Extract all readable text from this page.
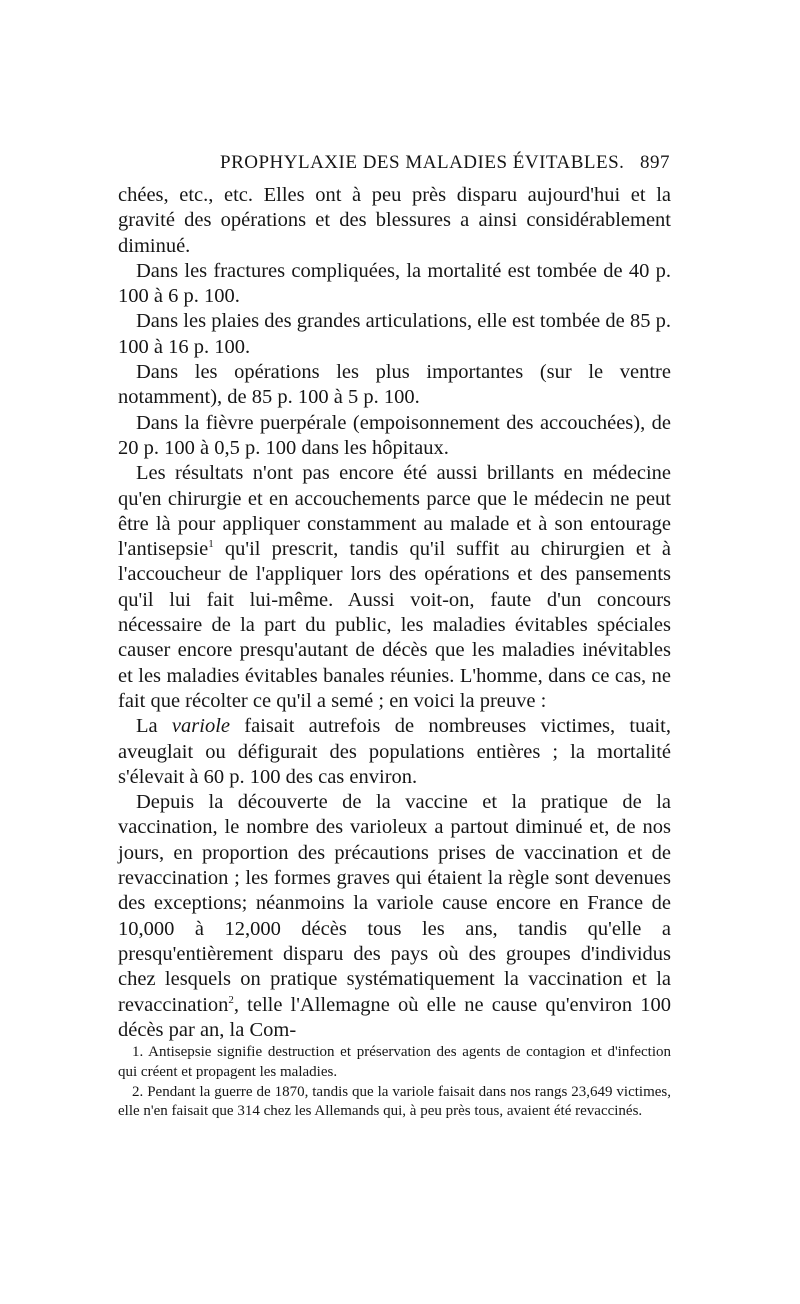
PROPHYLAXIE DES MALADIES ÉVITABLES. 897

chées, etc., etc. Elles ont à peu près disparu aujourd'hui et la gravité des opérations et des blessures a ainsi considérablement diminué.

Dans les fractures compliquées, la mortalité est tombée de 40 p. 100 à 6 p. 100.

Dans les plaies des grandes articulations, elle est tombée de 85 p. 100 à 16 p. 100.

Dans les opérations les plus importantes (sur le ventre notamment), de 85 p. 100 à 5 p. 100.

Dans la fièvre puerpérale (empoisonnement des accouchées), de 20 p. 100 à 0,5 p. 100 dans les hôpitaux.

Les résultats n'ont pas encore été aussi brillants en médecine qu'en chirurgie et en accouchements parce que le médecin ne peut être là pour appliquer constamment au malade et à son entourage l'antisepsie$^1$ qu'il prescrit, tandis qu'il suffit au chirurgien et à l'accoucheur de l'appliquer lors des opérations et des pansements qu'il lui fait lui-même. Aussi voit-on, faute d'un concours nécessaire de la part du public, les maladies évitables spéciales causer encore presqu'autant de décès que les maladies inévitables et les maladies évitables banales réunies. L'homme, dans ce cas, ne fait que récolter ce qu'il a semé ; en voici la preuve :

La variole faisait autrefois de nombreuses victimes, tuait, aveuglait ou défigurait des populations entières ; la mortalité s'élevait à 60 p. 100 des cas environ.

Depuis la découverte de la vaccine et la pratique de la vaccination, le nombre des varioleux a partout diminué et, de nos jours, en proportion des précautions prises de vaccination et de revaccination ; les formes graves qui étaient la règle sont devenues des exceptions; néanmoins la variole cause encore en France de 10,000 à 12,000 décès tous les ans, tandis qu'elle a presqu'entièrement disparu des pays où des groupes d'individus chez lesquels on pratique systématiquement la vaccination et la revaccination$^2$, telle l'Allemagne où elle ne cause qu'environ 100 décès par an, la Com-

1. Antisepsie signifie destruction et préservation des agents de contagion et d'infection qui créent et propagent les maladies.

2. Pendant la guerre de 1870, tandis que la variole faisait dans nos rangs 23,649 victimes, elle n'en faisait que 314 chez les Allemands qui, à peu près tous, avaient été revaccinés.
